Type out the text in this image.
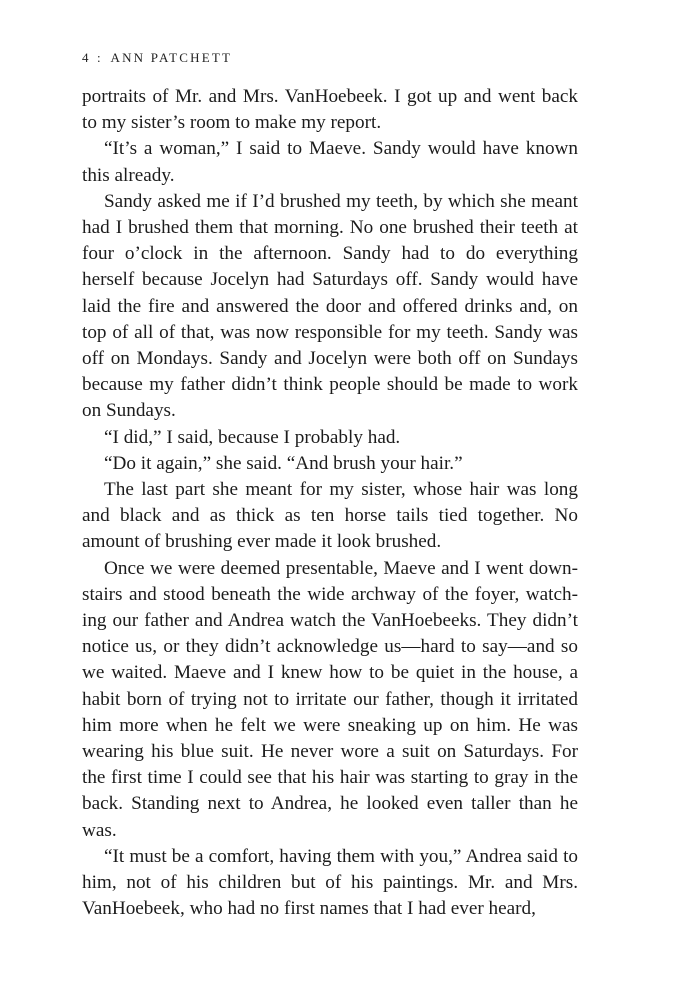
4 : ANN PATCHETT

portraits of Mr. and Mrs. VanHoebeek. I got up and went back to my sister’s room to make my report.

“It’s a woman,” I said to Maeve. Sandy would have known this already.

Sandy asked me if I’d brushed my teeth, by which she meant had I brushed them that morning. No one brushed their teeth at four o’clock in the afternoon. Sandy had to do everything herself because Jocelyn had Saturdays off. Sandy would have laid the fire and answered the door and offered drinks and, on top of all of that, was now responsible for my teeth. Sandy was off on Mondays. Sandy and Jocelyn were both off on Sundays because my father didn’t think people should be made to work on Sundays.

“I did,” I said, because I probably had.

“Do it again,” she said. “And brush your hair.”

The last part she meant for my sister, whose hair was long and black and as thick as ten horse tails tied together. No amount of brushing ever made it look brushed.

Once we were deemed presentable, Maeve and I went downstairs and stood beneath the wide archway of the foyer, watching our father and Andrea watch the VanHoebeeks. They didn’t notice us, or they didn’t acknowledge us—hard to say—and so we waited. Maeve and I knew how to be quiet in the house, a habit born of trying not to irritate our father, though it irritated him more when he felt we were sneaking up on him. He was wearing his blue suit. He never wore a suit on Saturdays. For the first time I could see that his hair was starting to gray in the back. Standing next to Andrea, he looked even taller than he was.

“It must be a comfort, having them with you,” Andrea said to him, not of his children but of his paintings. Mr. and Mrs. VanHoebeek, who had no first names that I had ever heard,
